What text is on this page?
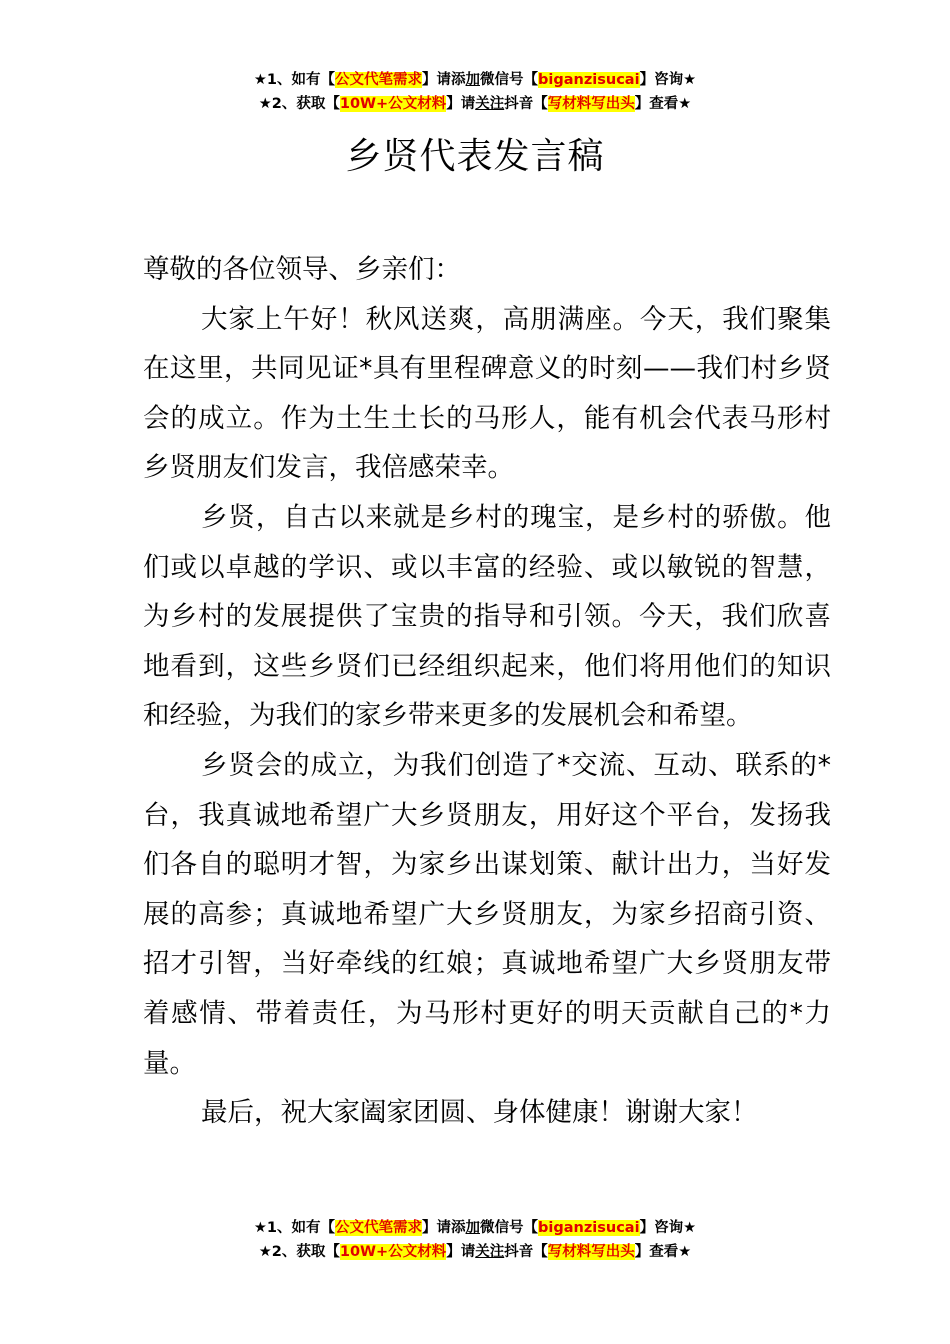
★1、如有【公文代笔需求】请添加微信号【biganzisucai】咨询★
★2、获取【10W+公文材料】请关注抖音【写材料写出头】查看★
乡贤代表发言稿

尊敬的各位领导、乡亲们：

大家上午好！秋风送爽，高朋满座。今天，我们聚集在这里，共同见证*具有里程碑意义的时刻——我们村乡贤会的成立。作为土生土长的马形人，能有机会代表马形村乡贤朋友们发言，我倍感荣幸。

乡贤，自古以来就是乡村的瑰宝，是乡村的骄傲。他们或以卓越的学识、或以丰富的经验、或以敏锐的智慧，为乡村的发展提供了宝贵的指导和引领。今天，我们欣喜地看到，这些乡贤们已经组织起来，他们将用他们的知识和经验，为我们的家乡带来更多的发展机会和希望。

乡贤会的成立，为我们创造了*交流、互动、联系的*台，我真诚地希望广大乡贤朋友，用好这个平台，发扬我们各自的聪明才智，为家乡出谋划策、献计出力，当好发展的高参；真诚地希望广大乡贤朋友，为家乡招商引资、招才引智，当好牵线的红娘；真诚地希望广大乡贤朋友带着感情、带着责任，为马形村更好的明天贡献自己的*力量。

最后，祝大家阖家团圆、身体健康！谢谢大家！

★1、如有【公文代笔需求】请添加微信号【biganzisucai】咨询★
★2、获取【10W+公文材料】请关注抖音【写材料写出头】查看★
